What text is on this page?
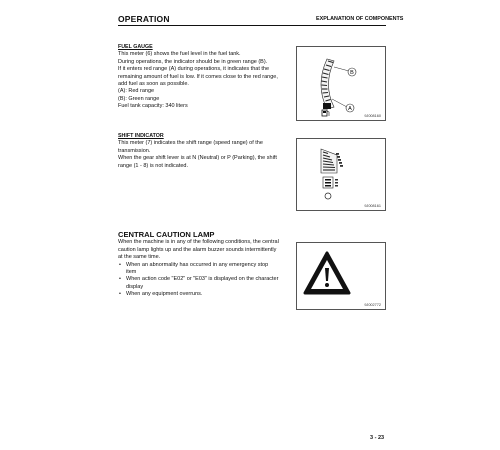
OPERATION	EXPLANATION OF COMPONENTS
FUEL GAUGE

This meter (6) shows the fuel level in the fuel tank.

During operations, the indicator should be in green range (B).

If it enters red range (A) during operations, it indicates that the remaining amount of fuel is low. If it comes close to the red range, add fuel as soon as possible.

(A): Red range

(B): Green range

Fuel tank capacity: 340 liters

B
A
9J008160
SHIFT INDICATOR

This meter (7) indicates the shift range (speed range) of the transmission.

When the gear shift lever is at N (Neutral) or P (Parking), the shift range (1 - 8) is not indicated.

9J008161
CENTRAL CAUTION LAMP

When the machine is in any of the following conditions, the central caution lamp lights up and the alarm buzzer sounds intermittently at the same time.

• When an abnormality has occurred in any emergency stop item
• When action code "E02" or "E03" is displayed on the character display
• When any equipment overruns.
9J002772
3 - 23
